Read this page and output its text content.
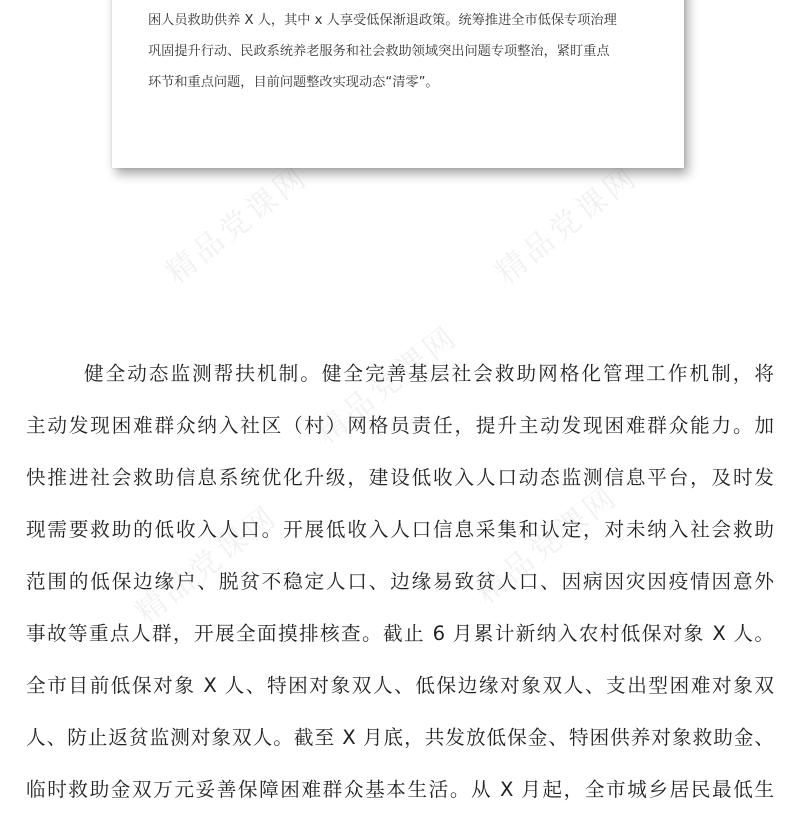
精品党课网	精品党课网
精品党课网
精品党课网	精品党课网
困人员救助供养 X 人，其中 x 人享受低保渐退政策。统筹推进全市低保专项治理
巩固提升行动、民政系统养老服务和社会救助领域突出问题专项整治，紧盯重点
环节和重点问题，目前问题整改实现动态“清零”。
健全动态监测帮扶机制。健全完善基层社会救助网格化管理工作机制，将
主动发现困难群众纳入社区（村）网格员责任，提升主动发现困难群众能力。加
快推进社会救助信息系统优化升级，建设低收入人口动态监测信息平台，及时发
现需要救助的低收入人口。开展低收入人口信息采集和认定，对未纳入社会救助
范围的低保边缘户、脱贫不稳定人口、边缘易致贫人口、因病因灾因疫情因意外
事故等重点人群，开展全面摸排核查。截止 6 月累计新纳入农村低保对象 X 人。
全市目前低保对象 X 人、特困对象双人、低保边缘对象双人、支出型困难对象双
人、防止返贫监测对象双人。截至 X 月底，共发放低保金、特困供养对象救助金、
临时救助金双万元妥善保障困难群众基本生活。从 X 月起，全市城乡居民最低生
